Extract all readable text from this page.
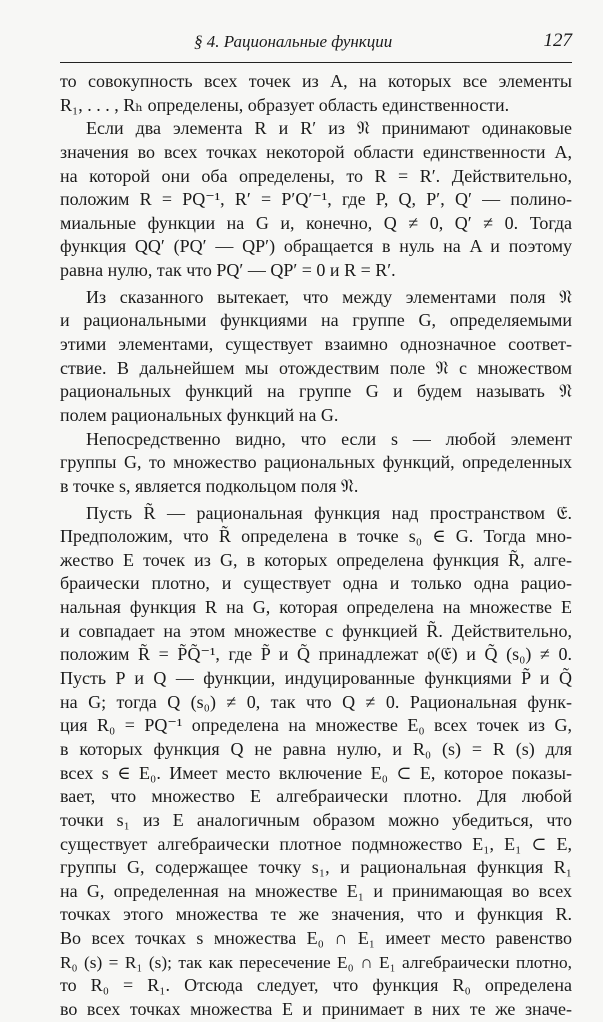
§ 4. Рациональные функции	127
то совокупность всех точек из A, на которых все элементы
R₁, . . . , Rₕ определены, образует область единственности.
Если два элемента R и R′ из 𝔑 принимают одинаковые
значения во всех точках некоторой области единственности A,
на которой они оба определены, то R = R′. Действительно,
положим R = PQ⁻¹, R′ = P′Q′⁻¹, где P, Q, P′, Q′ — полино-
миальные функции на G и, конечно, Q ≠ 0, Q′ ≠ 0. Тогда
функция QQ′ (PQ′ — QP′) обращается в нуль на A и поэтому
равна нулю, так что PQ′ — QP′ = 0 и R = R′.
Из сказанного вытекает, что между элементами поля 𝔑
и рациональными функциями на группе G, определяемыми
этими элементами, существует взаимно однозначное соответ-
ствие. В дальнейшем мы отождествим поле 𝔑 с множеством
рациональных функций на группе G и будем называть 𝔑
полем рациональных функций на G.
Непосредственно видно, что если s — любой элемент
группы G, то множество рациональных функций, определенных
в точке s, является подкольцом поля 𝔑.
Пусть R̃ — рациональная функция над пространством 𝔈.
Предположим, что R̃ определена в точке s₀ ∈ G. Тогда мно-
жество E точек из G, в которых определена функция R̃, алге-
браически плотно, и существует одна и только одна рацио-
нальная функция R на G, которая определена на множестве E
и совпадает на этом множестве с функцией R̃. Действительно,
положим R̃ = P̃Q̃⁻¹, где P̃ и Q̃ принадлежат 𝔬(𝔈) и Q̃ (s₀) ≠ 0.
Пусть P и Q — функции, индуцированные функциями P̃ и Q̃
на G; тогда Q (s₀) ≠ 0, так что Q ≠ 0. Рациональная функ-
ция R₀ = PQ⁻¹ определена на множестве E₀ всех точек из G,
в которых функция Q не равна нулю, и R₀ (s) = R (s) для
всех s ∈ E₀. Имеет место включение E₀ ⊂ E, которое показы-
вает, что множество E алгебраически плотно. Для любой
точки s₁ из E аналогичным образом можно убедиться, что
существует алгебраически плотное подмножество E₁, E₁ ⊂ E,
группы G, содержащее точку s₁, и рациональная функция R₁
на G, определенная на множестве E₁ и принимающая во всех
точках этого множества те же значения, что и функция R.
Во всех точках s множества E₀ ∩ E₁ имеет место равенство
R₀ (s) = R₁ (s); так как пересечение E₀ ∩ E₁ алгебраически плотно,
то R₀ = R₁. Отсюда следует, что функция R₀ определена
во всех точках множества E и принимает в них те же значе-
